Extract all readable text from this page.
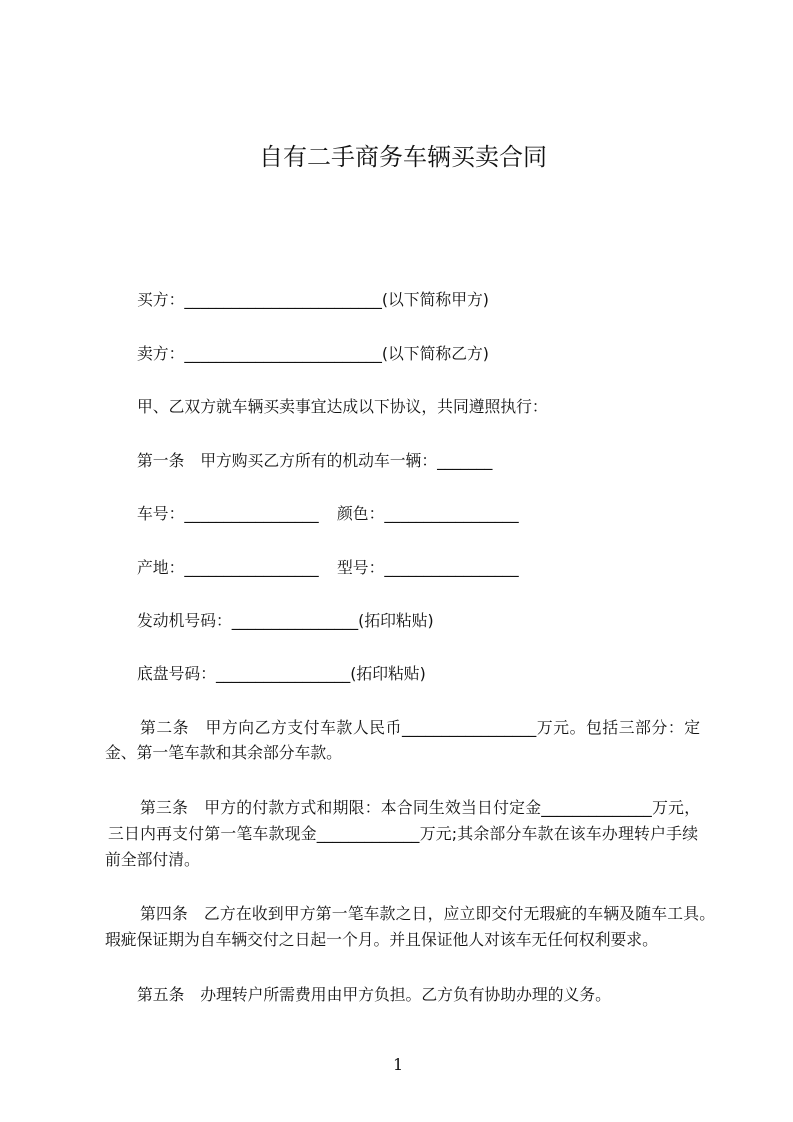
自有二手商务车辆买卖合同
买方：_________________________(以下简称甲方)
卖方：_________________________(以下简称乙方)
甲、乙双方就车辆买卖事宜达成以下协议，共同遵照执行：
第一条　甲方购买乙方所有的机动车一辆：_______
车号：_________________ 颜色：_________________
产地：_________________ 型号：_________________
发动机号码：________________(拓印粘贴)
底盘号码：_________________(拓印粘贴)
第二条　甲方向乙方支付车款人民币_________________万元。包括三部分：定
金、第一笔车款和其余部分车款。
第三条　甲方的付款方式和期限：本合同生效当日付定金______________万元，
三日内再支付第一笔车款现金_____________万元;其余部分车款在该车办理转户手续
前全部付清。
第四条　乙方在收到甲方第一笔车款之日，应立即交付无瑕疵的车辆及随车工具。
瑕疵保证期为自车辆交付之日起一个月。并且保证他人对该车无任何权利要求。
第五条　办理转户所需费用由甲方负担。乙方负有协助办理的义务。
1
